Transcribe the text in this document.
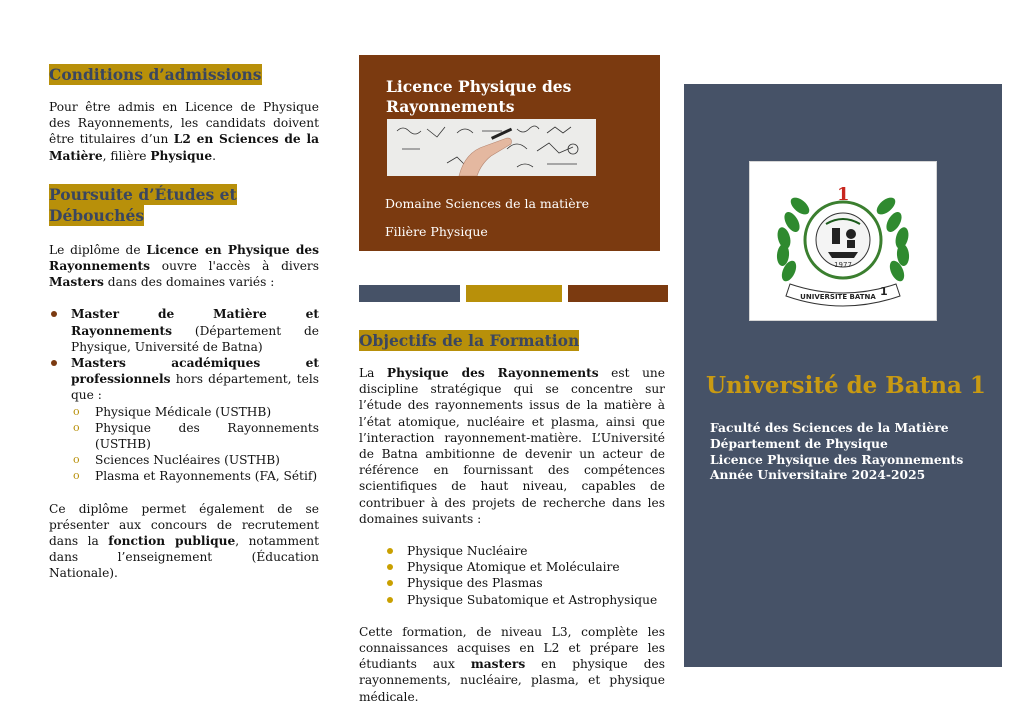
Conditions d’admissions

Pour être admis en Licence de Physique des Rayonnements, les candidats doivent être titulaires d’un L2 en Sciences de la Matière, filière Physique.

Poursuite d’Études et
Débouchés

Le diplôme de Licence en Physique des Rayonnements ouvre l'accès à divers Masters dans des domaines variés :

Master de Matière et Rayonnements (Département de Physique, Université de Batna)
Masters académiques et professionnels hors département, tels que :
o Physique Médicale (USTHB)
o Physique des Rayonnements (USTHB)
o Sciences Nucléaires (USTHB)
o Plasma et Rayonnements (FA, Sétif)

Ce diplôme permet également de se présenter aux concours de recrutement dans la fonction publique, notamment dans l’enseignement (Éducation Nationale).

Licence Physique des Rayonnements
Domaine Sciences de la matière
Filière Physique
Objectifs de la Formation

La Physique des Rayonnements est une discipline stratégique qui se concentre sur l’étude des rayonnements issus de la matière à l’état atomique, nucléaire et plasma, ainsi que l’interaction rayonnement-matière. L’Université de Batna ambitionne de devenir un acteur de référence en fournissant des compétences scientifiques de haut niveau, capables de contribuer à des projets de recherche dans les domaines suivants :

Physique Nucléaire
Physique Atomique et Moléculaire
Physique des Plasmas
Physique Subatomique et Astrophysique

Cette formation, de niveau L3, complète les connaissances acquises en L2 et prépare les étudiants aux masters en physique des rayonnements, nucléaire, plasma, et physique médicale.

1977
1
UNIVERSITE BATNA 1
Université de Batna 1
Faculté des Sciences de la Matière
Département de Physique
Licence Physique des Rayonnements
Année Universitaire 2024-2025
